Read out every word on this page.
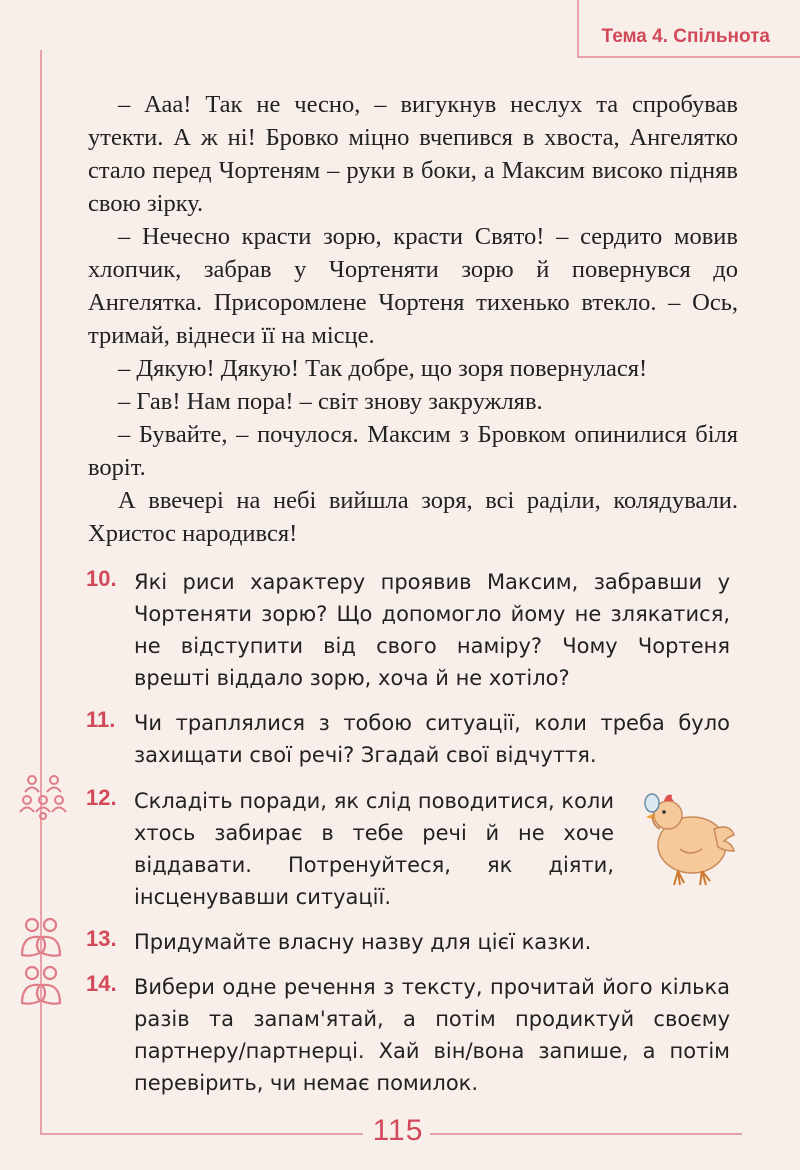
Тема 4. Спільнота

– Ааа! Так не чесно, – вигукнув неслух та спробував утекти. А ж ні! Бровко міцно вчепився в хвоста, Ангелятко стало перед Чортеням – руки в боки, а Максим високо підняв свою зірку.

– Нечесно красти зорю, красти Свято! – сердито мовив хлопчик, забрав у Чортеняти зорю й повернувся до Ангелятка. Присоромлене Чортеня тихенько втекло. – Ось, тримай, віднеси її на місце.

– Дякую! Дякую! Так добре, що зоря повернулася!

– Гав! Нам пора! – світ знову закружляв.

– Бувайте, – почулося. Максим з Бровком опинилися біля воріт.

А ввечері на небі вийшла зоря, всі раділи, колядували. Христос народився!

10. Які риси характеру проявив Максим, забравши у Чортеняти зорю? Що допомогло йому не злякатися, не відступити від свого наміру? Чому Чортеня врешті віддало зорю, хоча й не хотіло?
11. Чи траплялися з тобою ситуації, коли треба було захищати свої речі? Згадай свої відчуття.
12. Складіть поради, як слід поводитися, коли хтось забирає в тебе речі й не хоче віддавати. Потренуйтеся, як діяти, інсценувавши ситуації.
13. Придумайте власну назву для цієї казки.
14. Вибери одне речення з тексту, прочитай його кілька разів та запам'ятай, а потім продиктуй своєму партнеру/партнерці. Хай він/вона запише, а потім перевірить, чи немає помилок.
115
